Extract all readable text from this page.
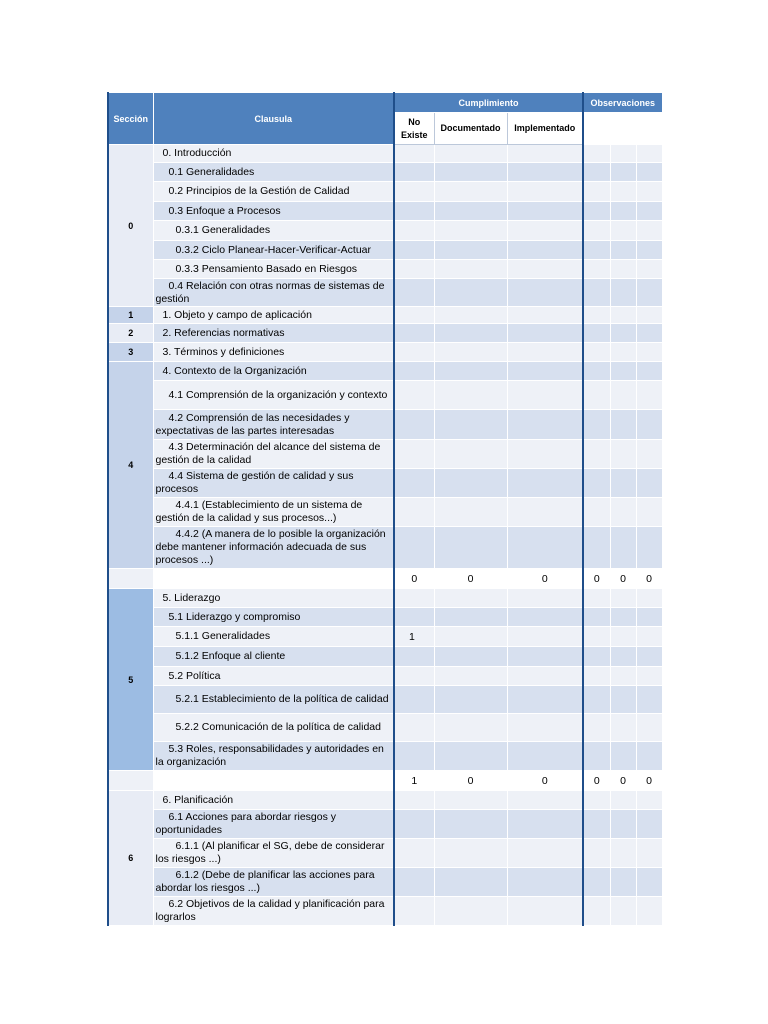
Sección	Clausula	Cumplimiento			Observaciones		
		No Existe	Documentado	Implementado			
0	0. Introducción						

	0.1 Generalidades						

	0.2 Principios de la Gestión de Calidad						

	0.3 Enfoque a Procesos						

	0.3.1 Generalidades						

	0.3.2 Ciclo Planear-Hacer-Verificar-Actuar						

	0.3.3 Pensamiento Basado en Riesgos						

	0.4 Relación con otras normas de sistemas de gestión						

1	1. Objeto y campo de aplicación						

2	2. Referencias normativas						

3	3. Términos y definiciones						

4	4. Contexto de la Organización						

	4.1 Comprensión de la organización y contexto						

	4.2 Comprensión de las necesidades y expectativas de las partes interesadas						

	4.3 Determinación del alcance del sistema de gestión de la calidad						

	4.4 Sistema de gestión de calidad y sus procesos						

	4.4.1 (Establecimiento de un sistema de gestión de la calidad y sus procesos...)						

	4.4.2 (A manera de lo posible la organización debe mantener información adecuada de sus procesos ...)						

		0	0	0	0	0	0
5	5. Liderazgo						

	5.1 Liderazgo y compromiso						

	5.1.1 Generalidades	1					

	5.1.2 Enfoque al cliente						

	5.2 Política						

	5.2.1 Establecimiento de la política de calidad						

	5.2.2 Comunicación de la política de calidad						

	5.3 Roles, responsabilidades y autoridades en la organización						

		1	0	0	0	0	0
6	6. Planificación						

	6.1 Acciones para abordar riesgos y oportunidades						

	6.1.1 (Al planificar el SG, debe de considerar los riesgos ...)						

	6.1.2 (Debe de planificar las acciones para abordar los riesgos ...)						

	6.2 Objetivos de la calidad y planificación para lograrlos						
